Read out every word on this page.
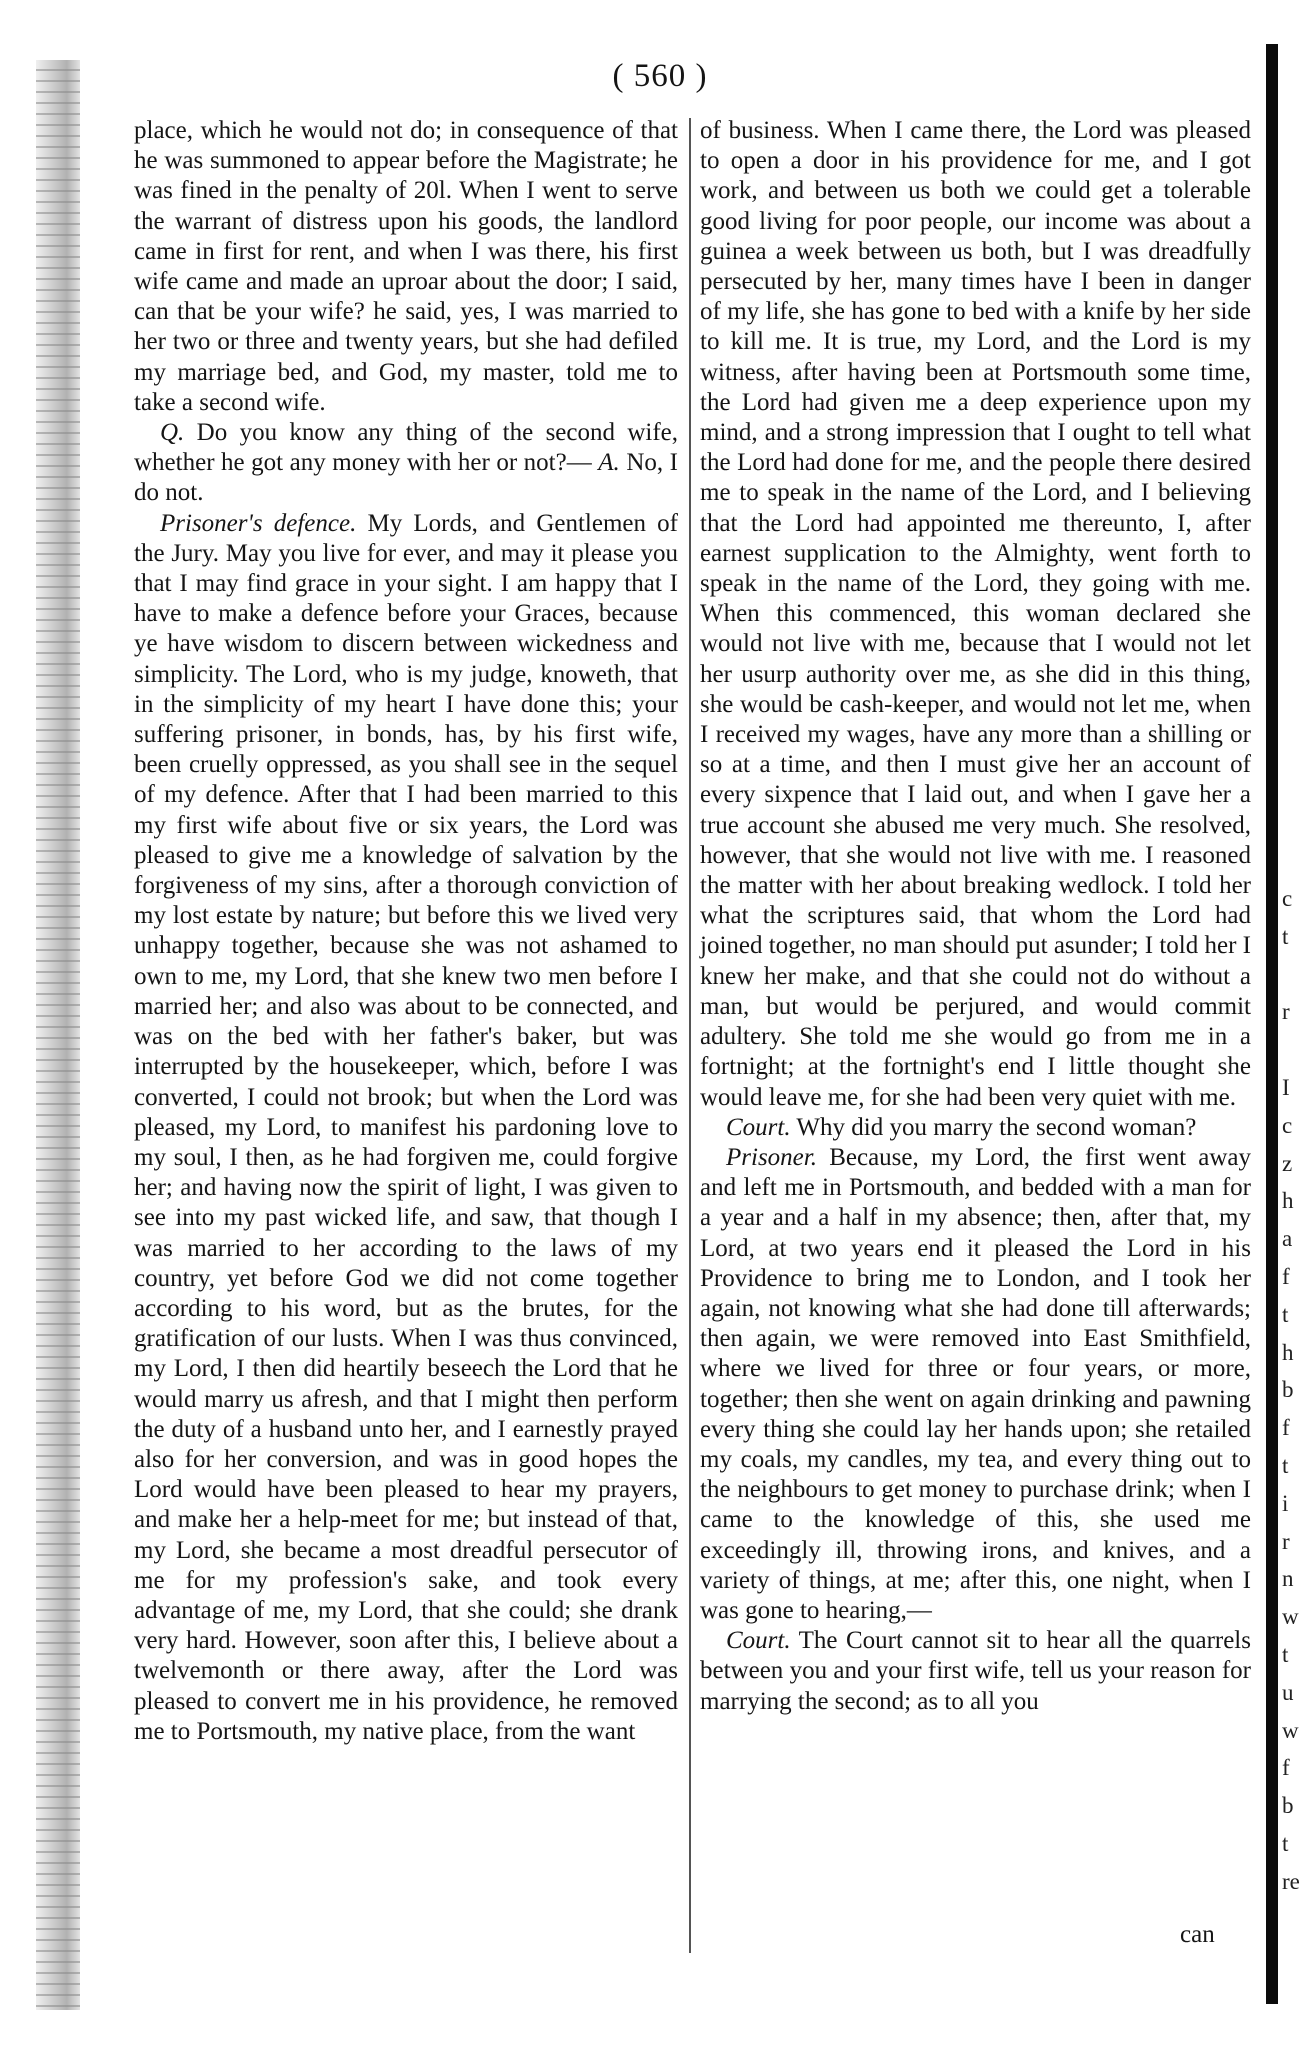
( 560 )

place, which he would not do; in consequence of that he was summoned to appear before the Magistrate; he was fined in the penalty of 20l. When I went to serve the warrant of distress upon his goods, the landlord came in first for rent, and when I was there, his first wife came and made an uproar about the door; I said, can that be your wife? he said, yes, I was married to her two or three and twenty years, but she had defiled my marriage bed, and God, my master, told me to take a second wife.

Q. Do you know any thing of the second wife, whether he got any money with her or not?— A. No, I do not.

Prisoner's defence. My Lords, and Gentlemen of the Jury. May you live for ever, and may it please you that I may find grace in your sight. I am happy that I have to make a defence before your Graces, because ye have wisdom to discern between wickedness and simplicity. The Lord, who is my judge, knoweth, that in the simplicity of my heart I have done this; your suffering prisoner, in bonds, has, by his first wife, been cruelly oppressed, as you shall see in the sequel of my defence. After that I had been married to this my first wife about five or six years, the Lord was pleased to give me a knowledge of salvation by the forgiveness of my sins, after a thorough conviction of my lost estate by nature; but before this we lived very unhappy together, because she was not ashamed to own to me, my Lord, that she knew two men before I married her; and also was about to be connected, and was on the bed with her father's baker, but was interrupted by the housekeeper, which, before I was converted, I could not brook; but when the Lord was pleased, my Lord, to manifest his pardoning love to my soul, I then, as he had forgiven me, could forgive her; and having now the spirit of light, I was given to see into my past wicked life, and saw, that though I was married to her according to the laws of my country, yet before God we did not come together according to his word, but as the brutes, for the gratification of our lusts. When I was thus convinced, my Lord, I then did heartily beseech the Lord that he would marry us afresh, and that I might then perform the duty of a husband unto her, and I earnestly prayed also for her conversion, and was in good hopes the Lord would have been pleased to hear my prayers, and make her a help-meet for me; but instead of that, my Lord, she became a most dreadful persecutor of me for my profession's sake, and took every advantage of me, my Lord, that she could; she drank very hard. However, soon after this, I believe about a twelvemonth or there away, after the Lord was pleased to convert me in his providence, he removed me to Portsmouth, my native place, from the want

of business. When I came there, the Lord was pleased to open a door in his providence for me, and I got work, and between us both we could get a tolerable good living for poor people, our income was about a guinea a week between us both, but I was dreadfully persecuted by her, many times have I been in danger of my life, she has gone to bed with a knife by her side to kill me. It is true, my Lord, and the Lord is my witness, after having been at Portsmouth some time, the Lord had given me a deep experience upon my mind, and a strong impression that I ought to tell what the Lord had done for me, and the people there desired me to speak in the name of the Lord, and I believing that the Lord had appointed me thereunto, I, after earnest supplication to the Almighty, went forth to speak in the name of the Lord, they going with me. When this commenced, this woman declared she would not live with me, because that I would not let her usurp authority over me, as she did in this thing, she would be cash-keeper, and would not let me, when I received my wages, have any more than a shilling or so at a time, and then I must give her an account of every sixpence that I laid out, and when I gave her a true account she abused me very much. She resolved, however, that she would not live with me. I reasoned the matter with her about breaking wedlock. I told her what the scriptures said, that whom the Lord had joined together, no man should put asunder; I told her I knew her make, and that she could not do without a man, but would be perjured, and would commit adultery. She told me she would go from me in a fortnight; at the fortnight's end I little thought she would leave me, for she had been very quiet with me.

Court. Why did you marry the second woman?

Prisoner. Because, my Lord, the first went away and left me in Portsmouth, and bedded with a man for a year and a half in my absence; then, after that, my Lord, at two years end it pleased the Lord in his Providence to bring me to London, and I took her again, not knowing what she had done till afterwards; then again, we were removed into East Smithfield, where we lived for three or four years, or more, together; then she went on again drinking and pawning every thing she could lay her hands upon; she retailed my coals, my candles, my tea, and every thing out to the neighbours to get money to purchase drink; when I came to the knowledge of this, she used me exceedingly ill, throwing irons, and knives, and a variety of things, at me; after this, one night, when I was gone to hearing,—

Court. The Court cannot sit to hear all the quarrels between you and your first wife, tell us your reason for marrying the second; as to all you

can
c
t
r
I
c
z
h
a
f
t
h
b
f
t
i
r
n
w
t
u
w
f
b
t
re
